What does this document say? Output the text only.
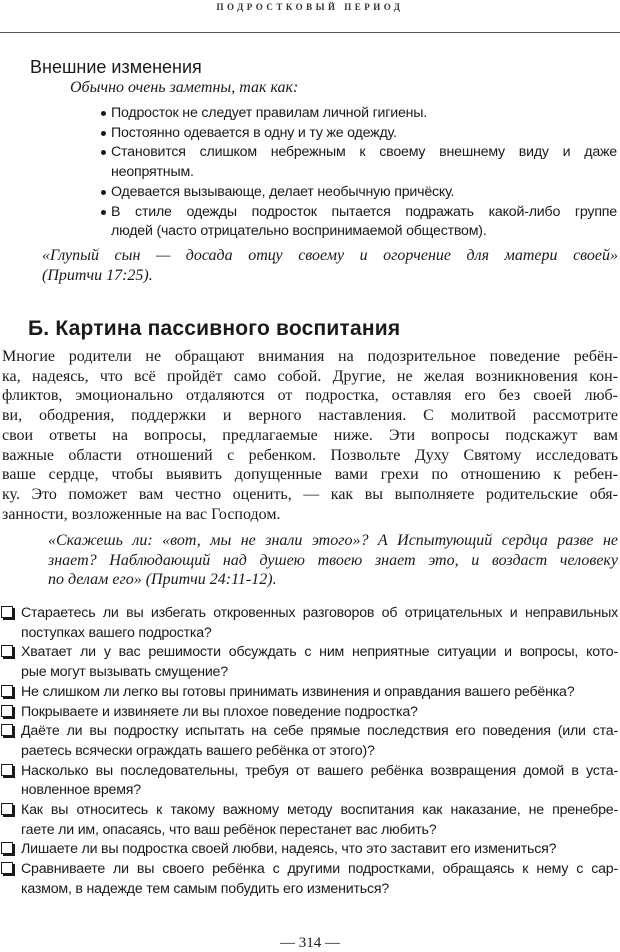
ПОДРОСТКОВЫЙ ПЕРИОД
Внешние изменения
Б. Картина пассивного воспитания
— 314 —
Обычно очень заметны, так как:
Подросток не следует правилам личной гигиены.
Постоянно одевается в одну и ту же одежду.
Становится слишком небрежным к своему внешнему виду и даже
неопрятным.
Одевается вызывающе, делает необычную причёску.
В стиле одежды подросток пытается подражать какой-либо группе
людей (часто отрицательно воспринимаемой обществом).
«Глупый сын — досада отцу своему и огорчение для матери своей»
(Притчи 17:25).
Многие родители не обращают внимания на подозрительное поведение ребён-
ка, надеясь, что всё пройдёт само собой. Другие, не желая возникновения кон-
фликтов, эмоционально отдаляются от подростка, оставляя его без своей люб-
ви, ободрения, поддержки и верного наставления. С молитвой рассмотрите
свои ответы на вопросы, предлагаемые ниже. Эти вопросы подскажут вам
важные области отношений с ребенком. Позвольте Духу Святому исследовать
ваше сердце, чтобы выявить допущенные вами грехи по отношению к ребен-
ку. Это поможет вам честно оценить, — как вы выполняете родительские обя-
занности, возложенные на вас Господом.
«Скажешь ли: «вот, мы не знали этого»? А Испытующий сердца разве не
знает? Наблюдающий над душею твоею знает это, и воздаст человеку
по делам его» (Притчи 24:11-12).
Стараетесь ли вы избегать откровенных разговоров об отрицательных и неправильных
поступках вашего подростка?
Хватает ли у вас решимости обсуждать с ним неприятные ситуации и вопросы, кото-
рые могут вызывать смущение?
Не слишком ли легко вы готовы принимать извинения и оправдания вашего ребёнка?
Покрываете и извиняете ли вы плохое поведение подростка?
Даёте ли вы подростку испытать на себе прямые последствия его поведения (или ста-
раетесь всячески ограждать вашего ребёнка от этого)?
Насколько вы последовательны, требуя от вашего ребёнка возвращения домой в уста-
новленное время?
Как вы относитесь к такому важному методу воспитания как наказание, не пренебре-
гаете ли им, опасаясь, что ваш ребёнок перестанет вас любить?
Лишаете ли вы подростка своей любви, надеясь, что это заставит его измениться?
Сравниваете ли вы своего ребёнка с другими подростками, обращаясь к нему с сар-
казмом, в надежде тем самым побудить его измениться?
